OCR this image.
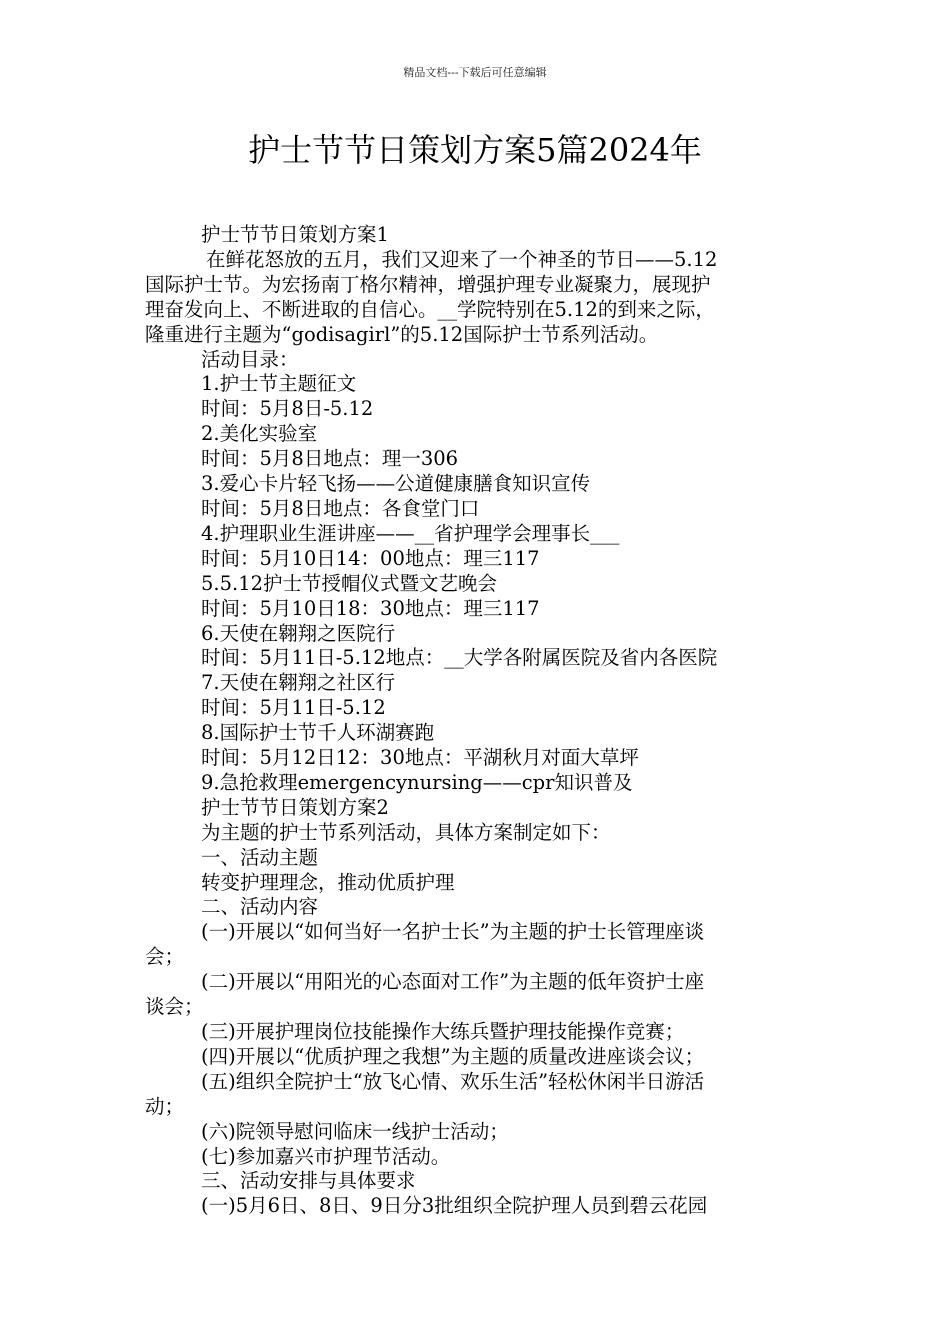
精品文档---下载后可任意编辑
护士节节日策划方案5篇2024年
护士节节日策划方案1
在鲜花怒放的五月，我们又迎来了一个神圣的节日——5.12
国际护士节。为宏扬南丁格尔精神，增强护理专业凝聚力，展现护
理奋发向上、不断进取的自信心。__学院特别在5.12的到来之际，
隆重进行主题为“godisagirl”的5.12国际护士节系列活动。
活动目录：
1.护士节主题征文
时间：5月8日-5.12
2.美化实验室
时间：5月8日地点：理一306
3.爱心卡片轻飞扬——公道健康膳食知识宣传
时间：5月8日地点：各食堂门口
4.护理职业生涯讲座——__省护理学会理事长___
时间：5月10日14：00地点：理三117
5.5.12护士节授帽仪式暨文艺晚会
时间：5月10日18：30地点：理三117
6.天使在翱翔之医院行
时间：5月11日-5.12地点：__大学各附属医院及省内各医院
7.天使在翱翔之社区行
时间：5月11日-5.12
8.国际护士节千人环湖赛跑
时间：5月12日12：30地点：平湖秋月对面大草坪
9.急抢救理emergencynursing——cpr知识普及
护士节节日策划方案2
为主题的护士节系列活动，具体方案制定如下：
一、活动主题
转变护理理念，推动优质护理
二、活动内容
(一)开展以“如何当好一名护士长”为主题的护士长管理座谈
会；
(二)开展以“用阳光的心态面对工作”为主题的低年资护士座
谈会；
(三)开展护理岗位技能操作大练兵暨护理技能操作竞赛；
(四)开展以“优质护理之我想”为主题的质量改进座谈会议；
(五)组织全院护士“放飞心情、欢乐生活”轻松休闲半日游活
动；
(六)院领导慰问临床一线护士活动；
(七)参加嘉兴市护理节活动。
三、活动安排与具体要求
(一)5月6日、8日、9日分3批组织全院护理人员到碧云花园
